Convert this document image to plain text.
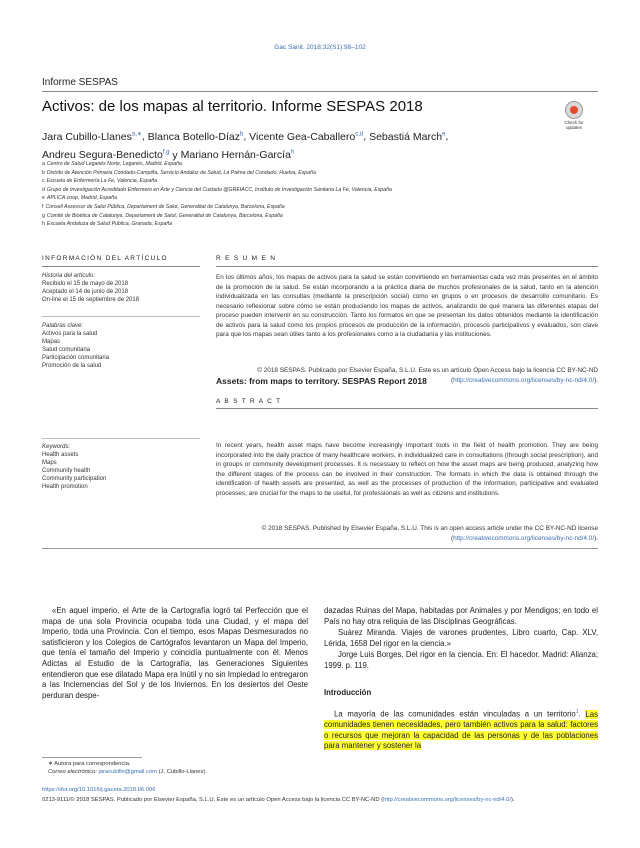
Gac Sanit. 2018;32(S1):98–102
Informe SESPAS
Activos: de los mapas al territorio. Informe SESPAS 2018
Check for
updates
Jara Cubillo-Llanes$^{a,∗}$, Blanca Botello-Díaz$^b$, Vicente Gea-Caballero$^{c,d}$, Sebastiá March$^e$,
Andreu Segura-Benedicto$^{f,g}$ y Mariano Hernán-García$^h$
a Centro de Salud Leganés Norte, Leganés, Madrid, España
b Distrito de Atención Primaria Condado-Campiña, Servicio Andaluz de Salud, La Palma del Condado, Huelva, España
c Escuela de Enfermería La Fe, Valencia, España
d Grupo de Investigación Acreditado Enfermero en Arte y Ciencia del Cuidado @GREIACC, Instituto de Investigación Sanitaria La Fe, Valencia, España
e APLICA coop, Madrid, España
f Consell Assessor de Salut Pública, Departament de Salut, Generalitat de Catalunya, Barcelona, España
g Comitè de Bioètica de Catalunya, Departament de Salut, Generalitat de Catalunya, Barcelona, España
h Escuela Andaluza de Salud Pública, Granada, España
INFORMACIÓN DEL ARTÍCULO
Historia del artículo:
Recibido el 15 de mayo de 2018
Aceptado el 14 de junio de 2018
On-line el 15 de septiembre de 2018
Palabras clave:
Activos para la salud
Mapas
Salud comunitaria
Participación comunitaria
Promoción de la salud
Keywords:
Health assets
Maps
Community health
Community participation
Health promotion
R E S U M E N
En los últimos años, los mapas de activos para la salud se están convirtiendo en herramientas cada vez más presentes en el ámbito de la promoción de la salud. Se están incorporando a la práctica diaria de muchos profesionales de la salud, tanto en la atención individualizada en las consultas (mediante la prescripción social) como en grupos o en procesos de desarrollo comunitario. Es necesario reflexionar sobre cómo se están produciendo los mapas de activos, analizando de qué manera las diferentes etapas del proceso pueden intervenir en su construcción. Tanto los formatos en que se presentan los datos obtenidos mediante la identificación de activos para la salud como los propios procesos de producción de la información, procesos participativos y evaluados, son clave para que los mapas sean útiles tanto a los profesionales como a la ciudadanía y las instituciones.
© 2018 SESPAS. Publicado por Elsevier España, S.L.U. Este es un artículo Open Access bajo la licencia CC BY-NC-ND (http://creativecommons.org/licenses/by-nc-nd/4.0/).
Assets: from maps to territory. SESPAS Report 2018
A B S T R A C T
In recent years, health asset maps have become increasingly important tools in the field of health promotion. They are being incorporated into the daily practice of many healthcare workers, in individualized care in consultations (through social prescription), and in groups or community development processes. It is necessary to reflect on how the asset maps are being produced, analyzing how the different stages of the process can be involved in their construction. The formats in which the data is obtained through the identification of health assets are presented, as well as the processes of production of the information, participative and evaluated processes, are crucial for the maps to be useful, for professionals as well as citizens and institutions.
© 2018 SESPAS. Published by Elsevier España, S.L.U. This is an open access article under the CC BY-NC-ND license (http://creativecommons.org/licenses/by-nc-nd/4.0/).
«En aquel imperio, el Arte de la Cartografía logró tal Perfección que el mapa de una sola Provincia ocupaba toda una Ciudad, y el mapa del Imperio, toda una Provincia. Con el tiempo, esos Mapas Desmesurados no satisficieron y los Colegios de Cartógrafos levantaron un Mapa del Imperio, que tenía el tamaño del Imperio y coincidía puntualmente con él. Menos Adictas al Estudio de la Cartografía, las Generaciones Siguientes entendieron que ese dilatado Mapa era Inútil y no sin Impiedad lo entregaron a las Inclemencias del Sol y de los Inviernos. En los desiertos del Oeste perduran despe-
dazadas Ruinas del Mapa, habitadas por Animales y por Mendigos; en todo el País no hay otra reliquia de las Disciplinas Geográficas.
Suárez Miranda. Viajes de varones prudentes, Libro cuarto, Cap. XLV, Lérida, 1658 Del rigor en la ciencia.»
Jorge Luis Borges. Del rigor en la ciencia. En: El hacedor. Madrid: Alianza; 1999. p. 119.
Introducción
La mayoría de las comunidades están vinculadas a un territorio$^1$. Las comunidades tienen necesidades, pero también activos para la salud: factores o recursos que mejoran la capacidad de las personas y de las poblaciones para mantener y sostener la
∗ Autora para correspondencia.
Correo electrónico: jaracubillo@gmail.com (J. Cubillo-Llanes).
https://doi.org/10.1016/j.gaceta.2018.06.006
0213-9111/© 2018 SESPAS. Publicado por Elsevier España, S.L.U. Este es un artículo Open Access bajo la licencia CC BY-NC-ND (http://creativecommons.org/licenses/by-nc-nd/4.0/).
